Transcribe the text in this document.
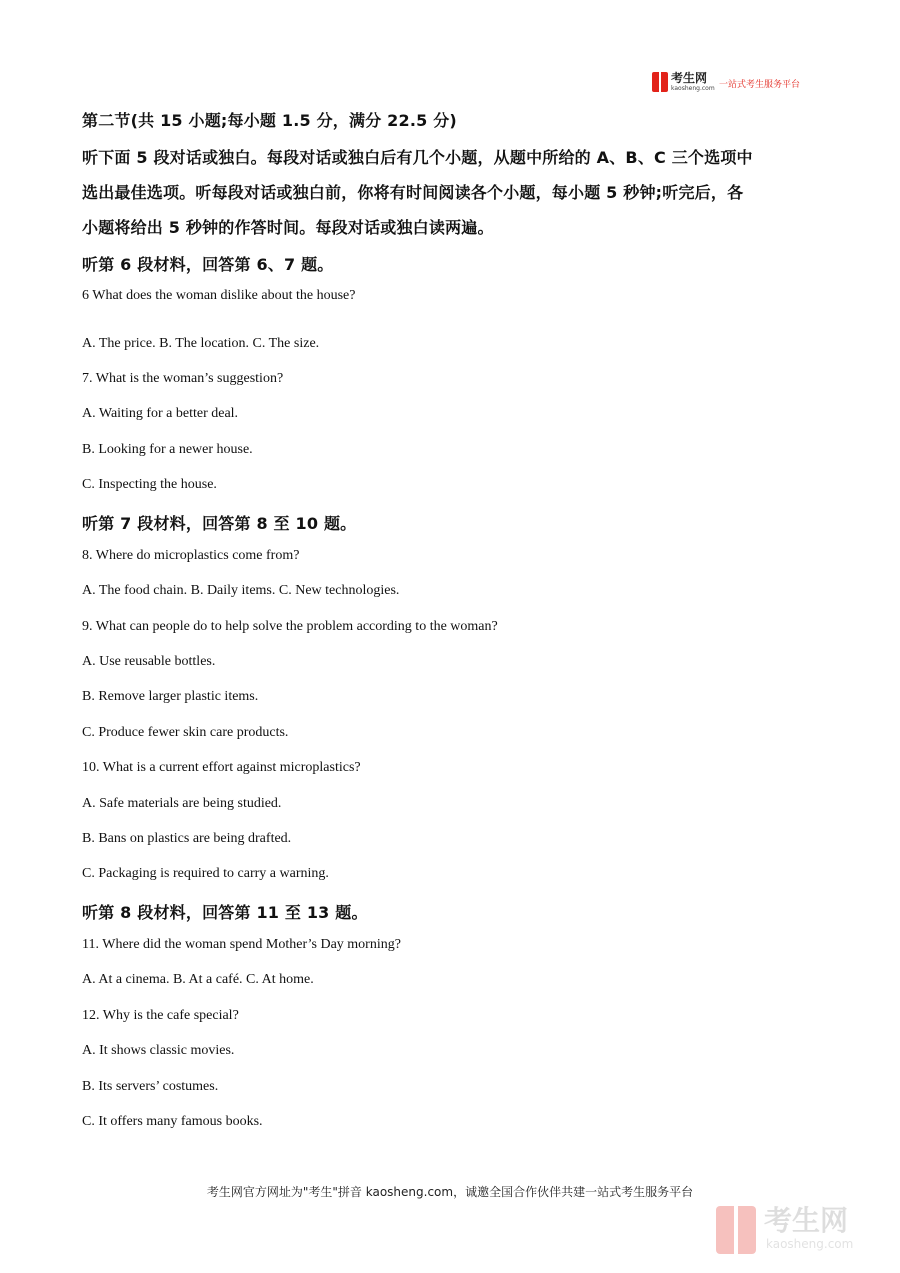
考生网
kaosheng.com 一站式考生服务平台
第二节(共 15 小题;每小题 1.5 分，满分 22.5 分)
听下面 5 段对话或独白。每段对话或独白后有几个小题，从题中所给的 A、B、C 三个选项中
选出最佳选项。听每段对话或独白前，你将有时间阅读各个小题，每小题 5 秒钟;听完后，各
小题将给出 5 秒钟的作答时间。每段对话或独白读两遍。
听第 6 段材料，回答第 6、7 题。
6 What does the woman dislike about the house?
A. The price. B. The location. C. The size.
7. What is the woman’s suggestion?
A. Waiting for a better deal.
B. Looking for a newer house.
C. Inspecting the house.
听第 7 段材料，回答第 8 至 10 题。
8. Where do microplastics come from?
A. The food chain. B. Daily items. C. New technologies.
9. What can people do to help solve the problem according to the woman?
A. Use reusable bottles.
B. Remove larger plastic items.
C. Produce fewer skin care products.
10. What is a current effort against microplastics?
A. Safe materials are being studied.
B. Bans on plastics are being drafted.
C. Packaging is required to carry a warning.
听第 8 段材料，回答第 11 至 13 题。
11. Where did the woman spend Mother’s Day morning?
A. At a cinema. B. At a café. C. At home.
12. Why is the cafe special?
A. It shows classic movies.
B. Its servers’ costumes.
C. It offers many famous books.
考生网官方网址为"考生"拼音 kaosheng.com，诚邀全国合作伙伴共建一站式考生服务平台
考生网
kaosheng.com
